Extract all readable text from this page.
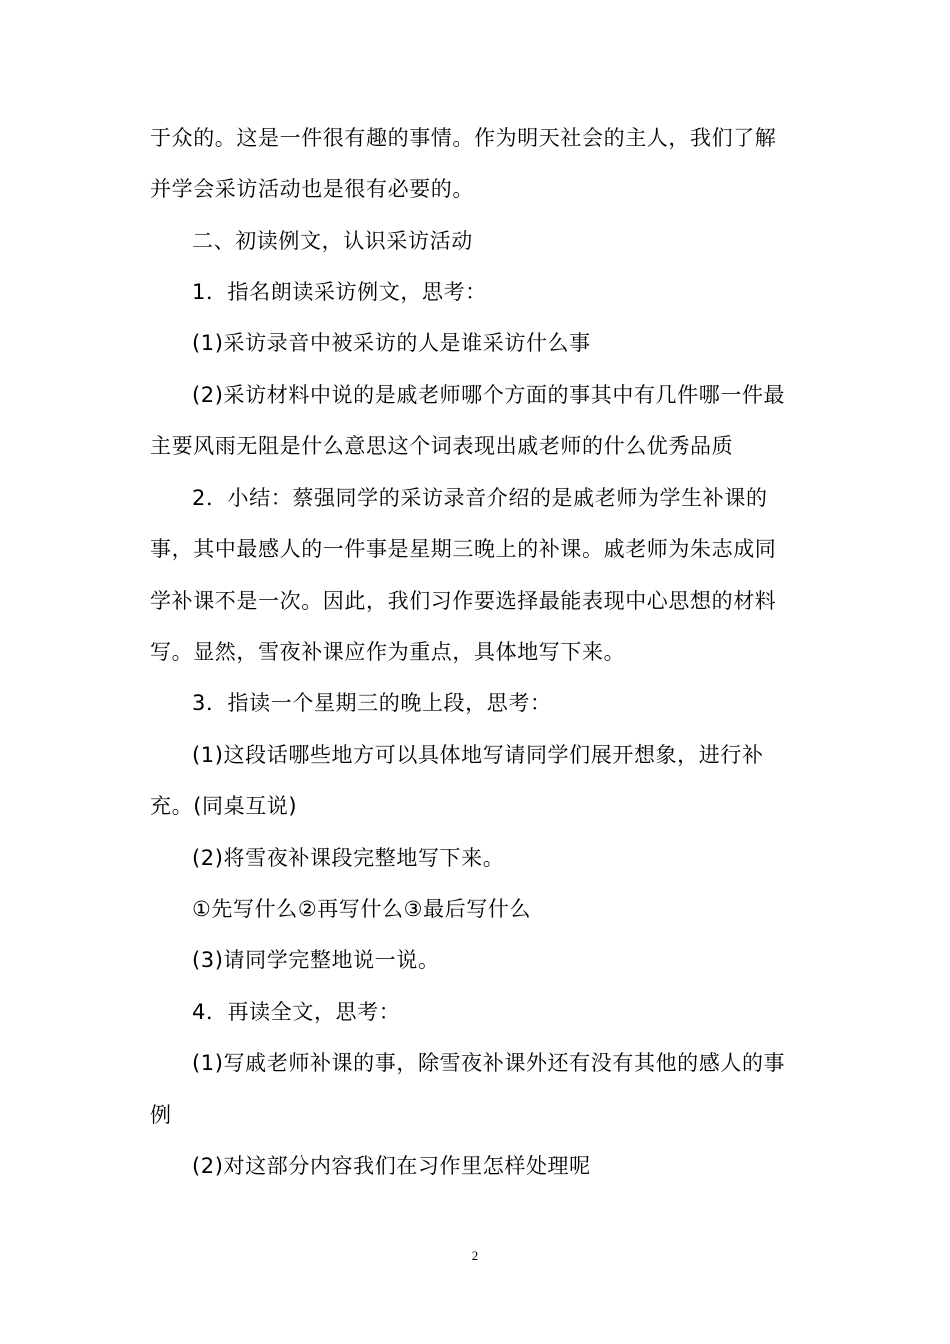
于众的。这是一件很有趣的事情。作为明天社会的主人，我们了解
并学会采访活动也是很有必要的。
二、初读例文，认识采访活动
1．指名朗读采访例文，思考：
(1)采访录音中被采访的人是谁采访什么事
(2)采访材料中说的是戚老师哪个方面的事其中有几件哪一件最
主要风雨无阻是什么意思这个词表现出戚老师的什么优秀品质
2．小结：蔡强同学的采访录音介绍的是戚老师为学生补课的
事，其中最感人的一件事是星期三晚上的补课。戚老师为朱志成同
学补课不是一次。因此，我们习作要选择最能表现中心思想的材料
写。显然，雪夜补课应作为重点，具体地写下来。
3．指读一个星期三的晚上段，思考：
(1)这段话哪些地方可以具体地写请同学们展开想象，进行补
充。(同桌互说)
(2)将雪夜补课段完整地写下来。
①先写什么②再写什么③最后写什么
(3)请同学完整地说一说。
4．再读全文，思考：
(1)写戚老师补课的事，除雪夜补课外还有没有其他的感人的事
例
(2)对这部分内容我们在习作里怎样处理呢
2
